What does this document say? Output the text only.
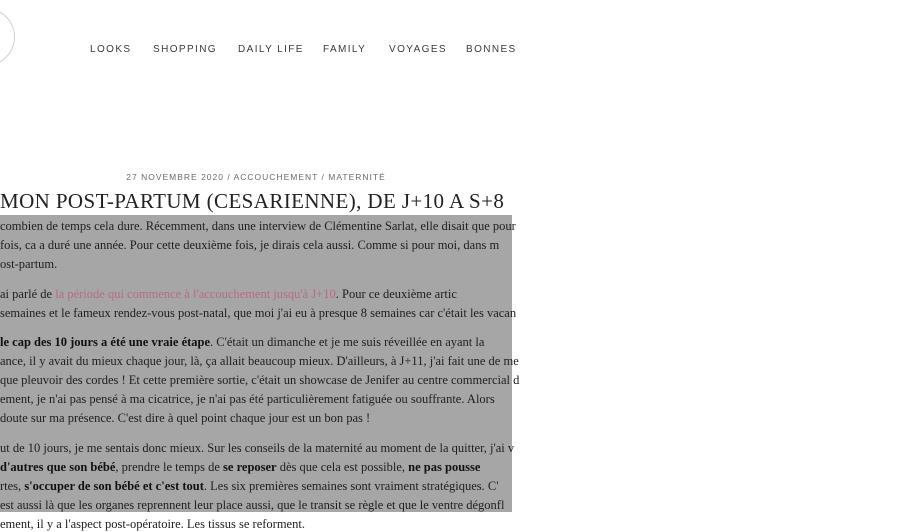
LOOKS SHOPPING DAILY LIFE FAMILY VOYAGES BONNES
27 NOVEMBRE 2020 / ACCOUCHEMENT / MATERNITÉ
MON POST-PARTUM (CESARIENNE), DE J+10 A S+8
combien de temps cela dure. Récemment, dans une interview de Clémentine Sarlat, elle disait que pour
fois, ca a duré une année. Pour cette deuxième fois, je dirais cela aussi. Comme si pour moi, dans m
ost-partum.
ai parlé de la période qui commence à l'accouchement jusqu'à J+10. Pour ce deuxième artic
semaines et le fameux rendez-vous post-natal, que moi j'ai eu à presque 8 semaines car c'était les vacan
le cap des 10 jours a été une vraie étape. C'était un dimanche et je me suis réveillée en ayant la
ance, il y avait du mieux chaque jour, là, ça allait beaucoup mieux. D'ailleurs, à J+11, j'ai fait une de me
que pleuvoir des cordes ! Et cette première sortie, c'était un showcase de Jenifer au centre commercial d
ement, je n'ai pas pensé à ma cicatrice, je n'ai pas été particulièrement fatiguée ou souffrante. Alors
doute sur ma présence. C'est dire à quel point chaque jour est un bon pas !
ut de 10 jours, je me sentais donc mieux. Sur les conseils de la maternité au moment de la quitter, j'ai v
d'autres que son bébé, prendre le temps de se reposer dès que cela est possible, ne pas pousse
rtes, s'occuper de son bébé et c'est tout. Les six premières semaines sont vraiment stratégiques. C'
est aussi là que les organes reprennent leur place aussi, que le transit se règle et que le ventre dégonfl
ement, il y a l'aspect post-opératoire. Les tissus se reforment.
